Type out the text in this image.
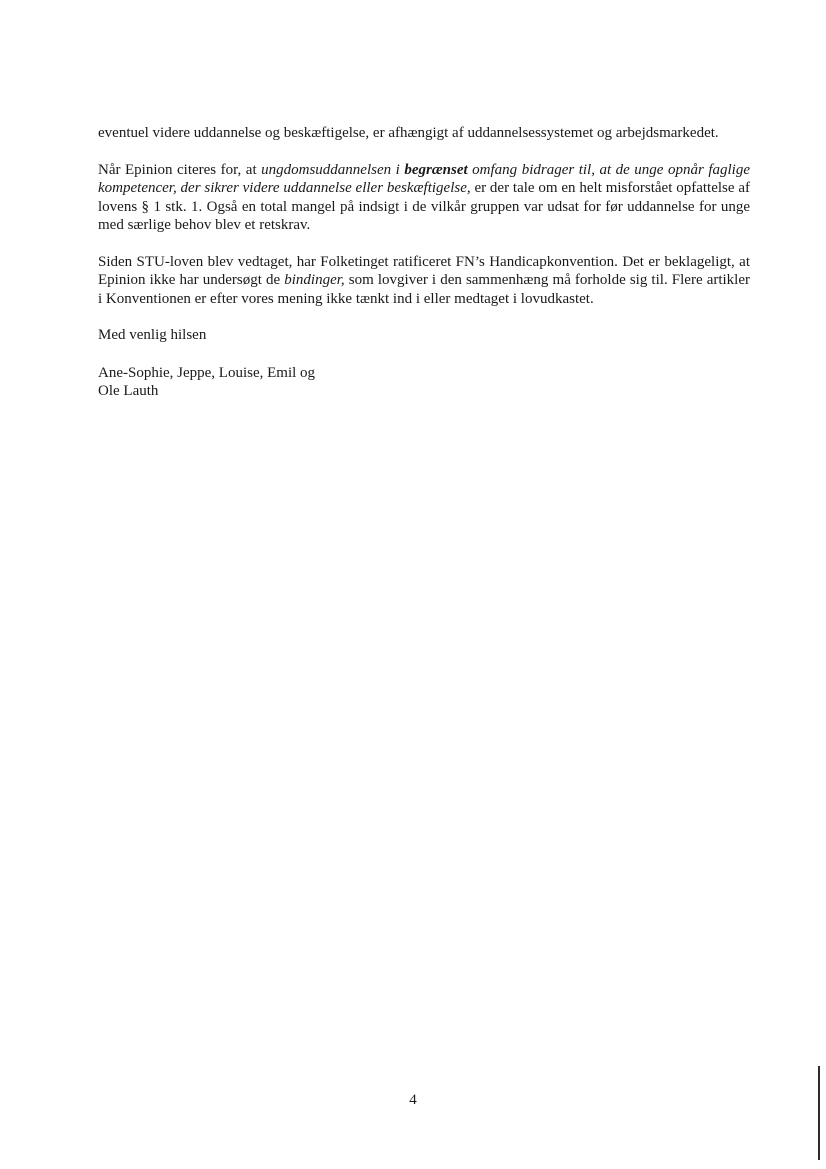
eventuel videre uddannelse og beskæftigelse, er afhængigt af uddannelsessystemet og arbejdsmarkedet.

Når Epinion citeres for, at ungdomsuddannelsen i begrænset omfang bidrager til, at de unge opnår faglige kompetencer, der sikrer videre uddannelse eller beskæftigelse, er der tale om en helt misforstået opfattelse af lovens § 1 stk. 1. Også en total mangel på indsigt i de vilkår gruppen var udsat for før uddannelse for unge med særlige behov blev et retskrav.

Siden STU-loven blev vedtaget, har Folketinget ratificeret FN’s Handicapkonvention. Det er beklageligt, at Epinion ikke har undersøgt de bindinger, som lovgiver i den sammenhæng må forholde sig til. Flere artikler i Konventionen er efter vores mening ikke tænkt ind i eller medtaget i lovudkastet.

Med venlig hilsen

Ane-Sophie, Jeppe, Louise, Emil og

Ole Lauth

4
